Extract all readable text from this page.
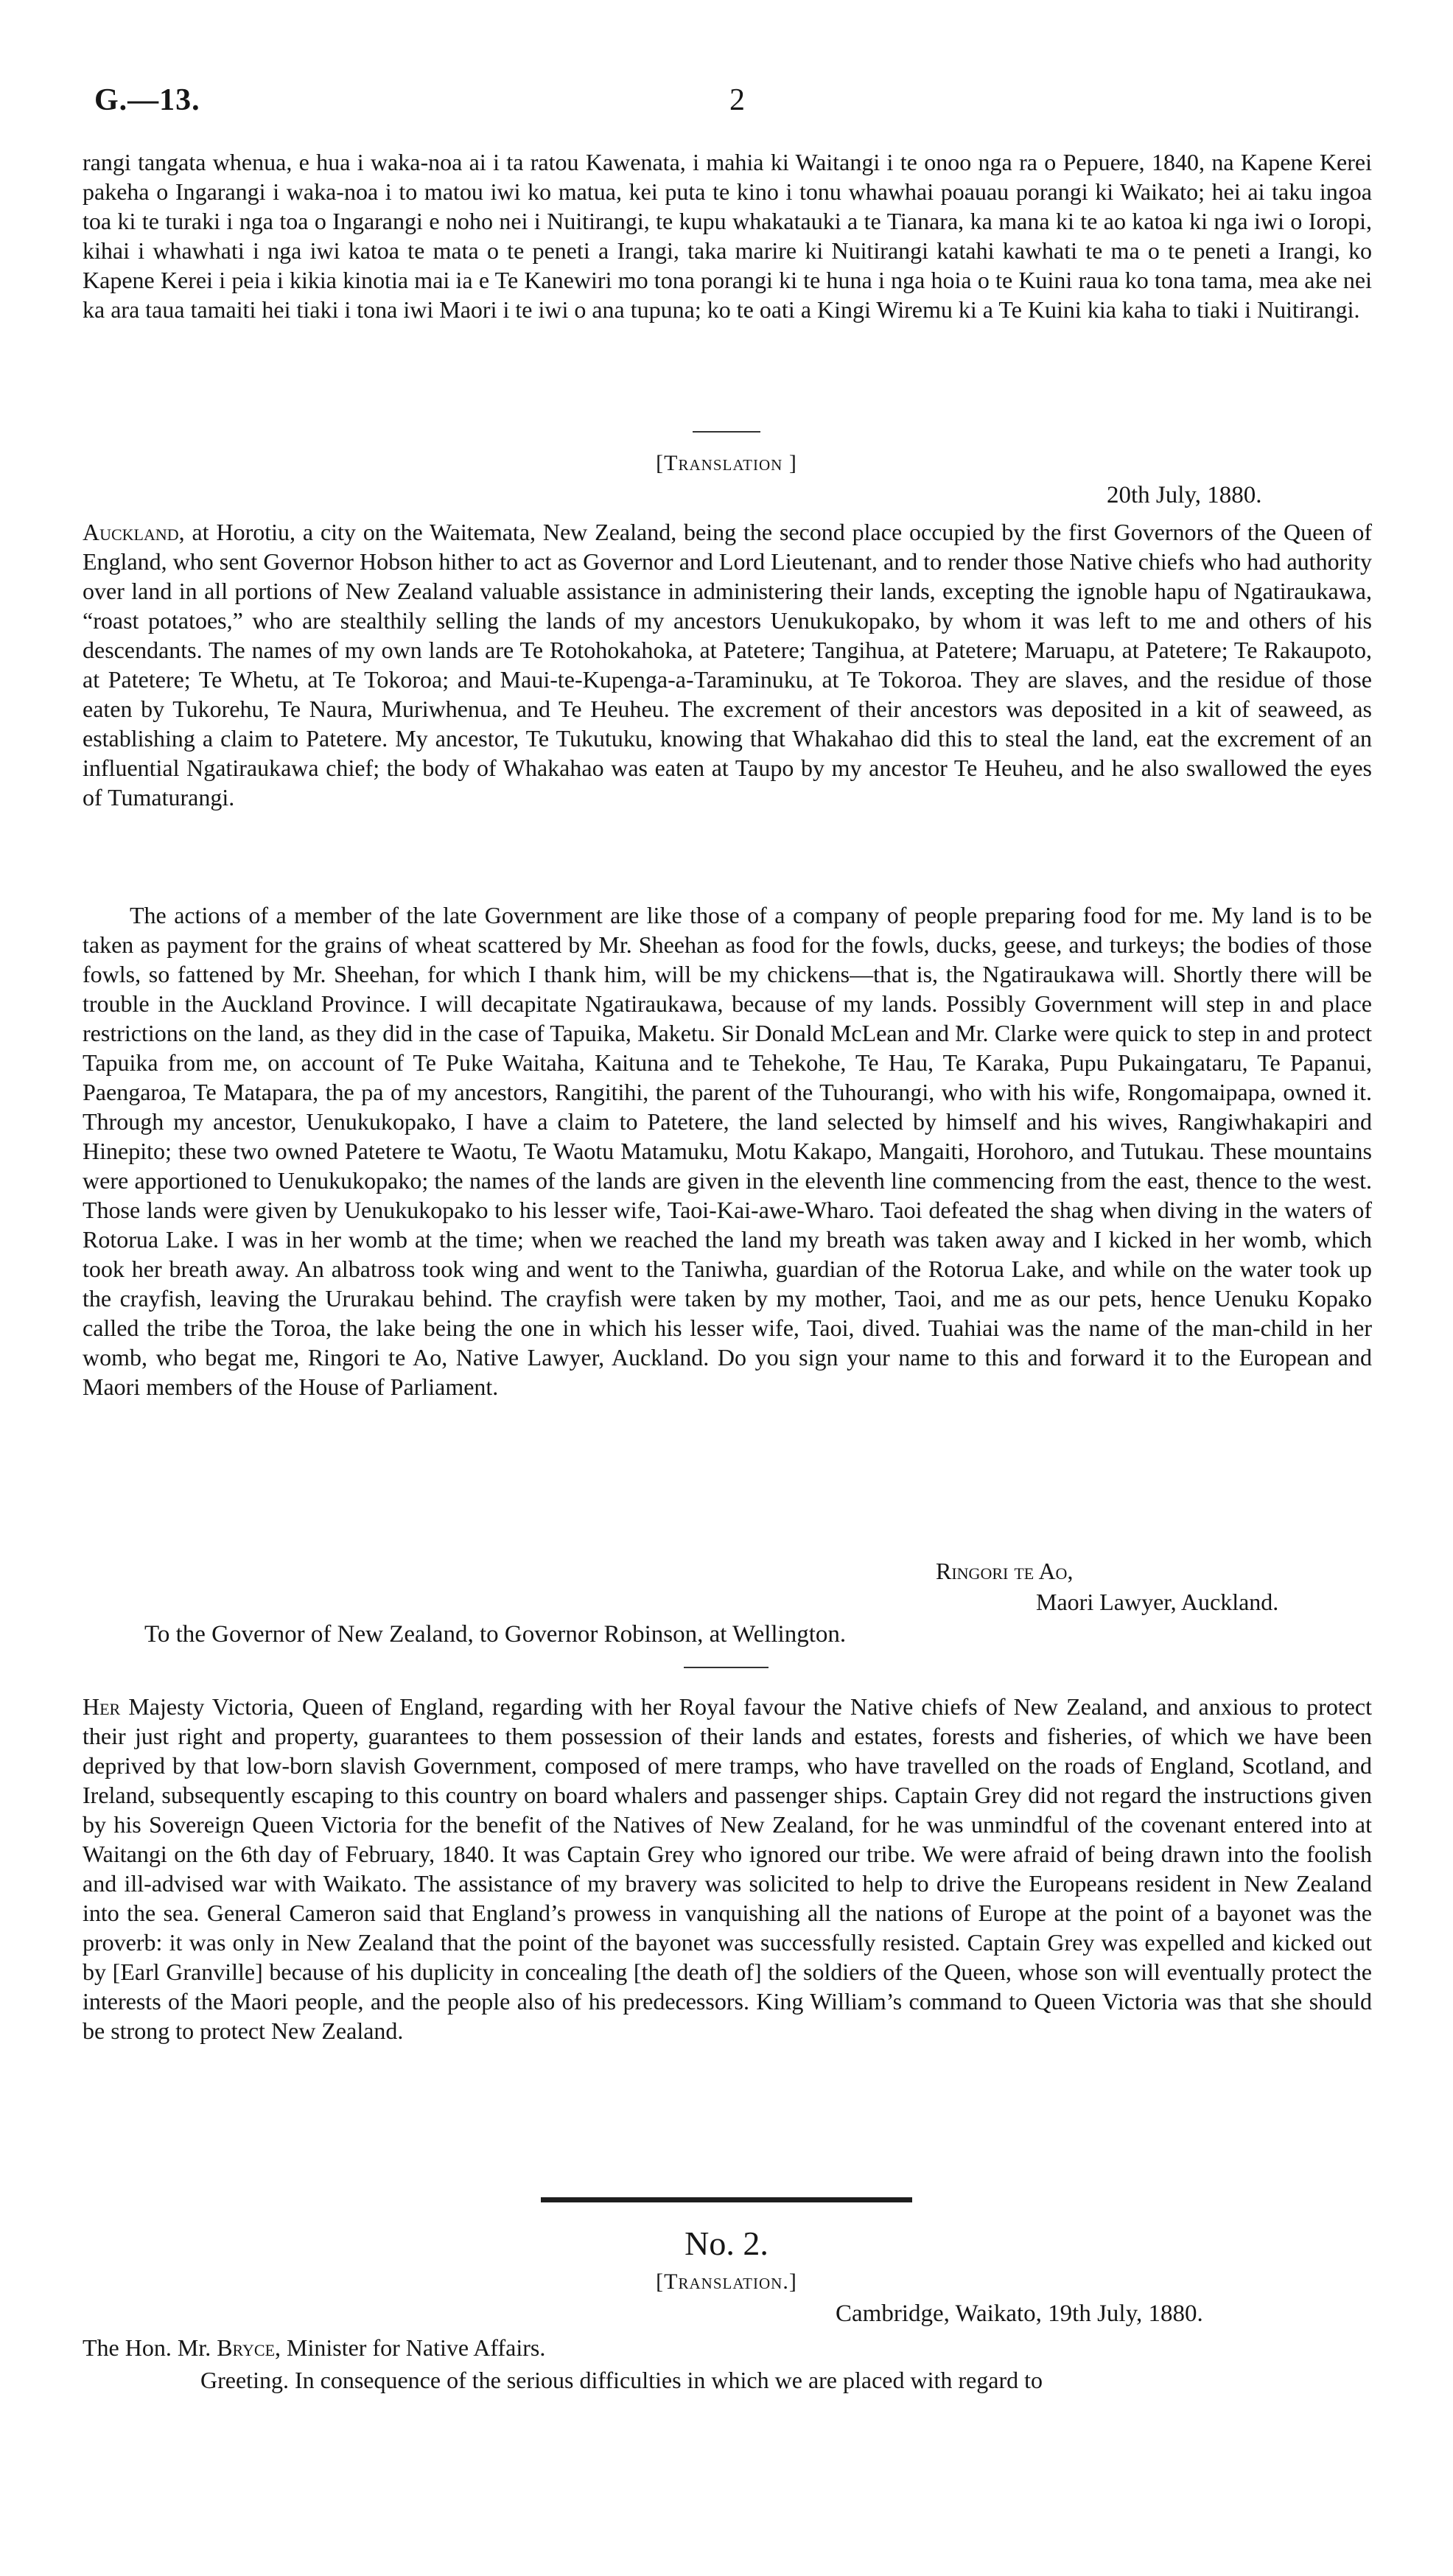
G.—13.	2
rangi tangata whenua, e hua i waka-noa ai i ta ratou Kawenata, i mahia ki Waitangi i te onoo nga ra o Pepuere, 1840, na Kapene Kerei pakeha o Ingarangi i waka-noa i to matou iwi ko matua, kei puta te kino i tonu whawhai poauau porangi ki Waikato; hei ai taku ingoa toa ki te turaki i nga toa o Ingarangi e noho nei i Nuitirangi, te kupu whakatauki a te Tianara, ka mana ki te ao katoa ki nga iwi o Ioropi, kihai i whawhati i nga iwi katoa te mata o te peneti a Irangi, taka marire ki Nuitirangi katahi kawhati te ma o te peneti a Irangi, ko Kapene Kerei i peia i kikia kinotia mai ia e Te Kanewiri mo tona porangi ki te huna i nga hoia o te Kuini raua ko tona tama, mea ake nei ka ara taua tamaiti hei tiaki i tona iwi Maori i te iwi o ana tupuna; ko te oati a Kingi Wiremu ki a Te Kuini kia kaha to tiaki i Nuitirangi.
[Translation ]
20th July, 1880.
Auckland, at Horotiu, a city on the Waitemata, New Zealand, being the second place occupied by the first Governors of the Queen of England, who sent Governor Hobson hither to act as Governor and Lord Lieutenant, and to render those Native chiefs who had authority over land in all portions of New Zealand valuable assistance in administering their lands, excepting the ignoble hapu of Ngatiraukawa, “roast potatoes,” who are stealthily selling the lands of my ancestors Uenukukopako, by whom it was left to me and others of his descendants. The names of my own lands are Te Rotohokahoka, at Patetere; Tangihua, at Patetere; Maruapu, at Patetere; Te Rakaupoto, at Patetere; Te Whetu, at Te Tokoroa; and Maui-te-Kupenga-a-Taraminuku, at Te Tokoroa. They are slaves, and the residue of those eaten by Tukorehu, Te Naura, Muriwhenua, and Te Heuheu. The excrement of their ancestors was deposited in a kit of seaweed, as establishing a claim to Patetere. My ancestor, Te Tukutuku, knowing that Whakahao did this to steal the land, eat the excrement of an influential Ngatiraukawa chief; the body of Whakahao was eaten at Taupo by my ancestor Te Heuheu, and he also swallowed the eyes of Tumaturangi.
The actions of a member of the late Government are like those of a company of people preparing food for me. My land is to be taken as payment for the grains of wheat scattered by Mr. Sheehan as food for the fowls, ducks, geese, and turkeys; the bodies of those fowls, so fattened by Mr. Sheehan, for which I thank him, will be my chickens—that is, the Ngatiraukawa will. Shortly there will be trouble in the Auckland Province. I will decapitate Ngatiraukawa, because of my lands. Possibly Government will step in and place restrictions on the land, as they did in the case of Tapuika, Maketu. Sir Donald McLean and Mr. Clarke were quick to step in and protect Tapuika from me, on account of Te Puke Waitaha, Kaituna and te Tehekohe, Te Hau, Te Karaka, Pupu Pukaingataru, Te Papanui, Paengaroa, Te Matapara, the pa of my ancestors, Rangitihi, the parent of the Tuhourangi, who with his wife, Rongomaipapa, owned it. Through my ancestor, Uenukukopako, I have a claim to Patetere, the land selected by himself and his wives, Rangiwhakapiri and Hinepito; these two owned Patetere te Waotu, Te Waotu Matamuku, Motu Kakapo, Mangaiti, Horohoro, and Tutukau. These mountains were apportioned to Uenukukopako; the names of the lands are given in the eleventh line commencing from the east, thence to the west. Those lands were given by Uenukukopako to his lesser wife, Taoi-Kai-awe-Wharo. Taoi defeated the shag when diving in the waters of Rotorua Lake. I was in her womb at the time; when we reached the land my breath was taken away and I kicked in her womb, which took her breath away. An albatross took wing and went to the Taniwha, guardian of the Rotorua Lake, and while on the water took up the crayfish, leaving the Ururakau behind. The crayfish were taken by my mother, Taoi, and me as our pets, hence Uenuku Kopako called the tribe the Toroa, the lake being the one in which his lesser wife, Taoi, dived. Tuahiai was the name of the man-child in her womb, who begat me, Ringori te Ao, Native Lawyer, Auckland. Do you sign your name to this and forward it to the European and Maori members of the House of Parliament.
Ringori te Ao,
Maori Lawyer, Auckland.
To the Governor of New Zealand, to Governor Robinson, at Wellington.
Her Majesty Victoria, Queen of England, regarding with her Royal favour the Native chiefs of New Zealand, and anxious to protect their just right and property, guarantees to them possession of their lands and estates, forests and fisheries, of which we have been deprived by that low-born slavish Government, composed of mere tramps, who have travelled on the roads of England, Scotland, and Ireland, subsequently escaping to this country on board whalers and passenger ships. Captain Grey did not regard the instructions given by his Sovereign Queen Victoria for the benefit of the Natives of New Zealand, for he was unmindful of the covenant entered into at Waitangi on the 6th day of February, 1840. It was Captain Grey who ignored our tribe. We were afraid of being drawn into the foolish and ill-advised war with Waikato. The assistance of my bravery was solicited to help to drive the Europeans resident in New Zealand into the sea. General Cameron said that England’s prowess in vanquishing all the nations of Europe at the point of a bayonet was the proverb: it was only in New Zealand that the point of the bayonet was successfully resisted. Captain Grey was expelled and kicked out by [Earl Granville] because of his duplicity in concealing [the death of] the soldiers of the Queen, whose son will eventually protect the interests of the Maori people, and the people also of his predecessors. King William’s command to Queen Victoria was that she should be strong to protect New Zealand.
No. 2.
[Translation.]
Cambridge, Waikato, 19th July, 1880.
The Hon. Mr. Bryce, Minister for Native Affairs.
Greeting. In consequence of the serious difficulties in which we are placed with regard to
